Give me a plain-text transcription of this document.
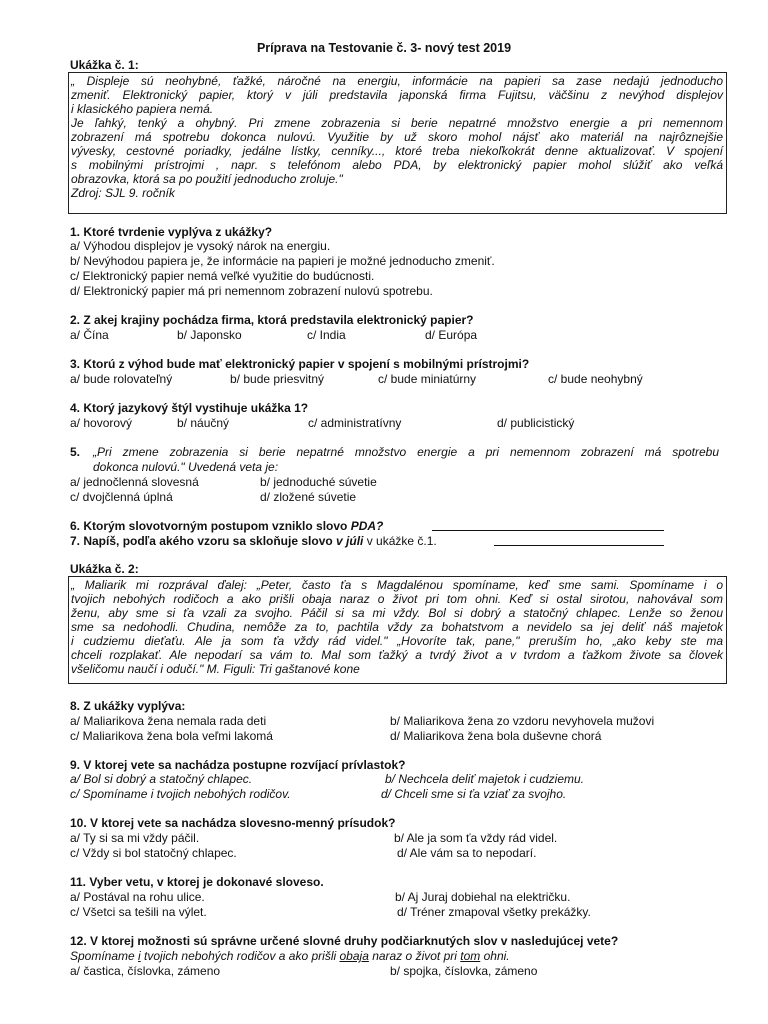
Príprava na Testovanie č. 3- nový test 2019
Ukážka č. 1:
„ Displeje sú neohybné, ťažké, náročné na energiu, informácie na papieri sa zase nedajú jednoducho
zmeniť. Elektronický papier, ktorý v júli predstavila japonská firma Fujitsu, väčšinu z nevýhod displejov
i klasického papiera nemá.
Je ľahký, tenký a ohybný. Pri zmene zobrazenia si berie nepatrné množstvo energie a pri nemennom
zobrazení má spotrebu dokonca nulovú. Využitie by už skoro mohol nájsť ako materiál na najrôznejšie
vývesky, cestovné poriadky, jedálne lístky, cenníky..., ktoré treba niekoľkokrát denne aktualizovať. V spojení
s mobilnými prístrojmi , napr. s telefónom alebo PDA, by elektronický papier mohol slúžiť ako veľká
obrazovka, ktorá sa po použití jednoducho zroluje."
Zdroj: SJL 9. ročník
1. Ktoré tvrdenie vyplýva z ukážky?
a/ Výhodou displejov je vysoký nárok na energiu.
b/ Nevýhodou papiera je, že informácie na papieri je možné jednoducho zmeniť.
c/ Elektronický papier nemá veľké využitie do budúcnosti.
d/ Elektronický papier má pri nemennom zobrazení nulovú spotrebu.
2. Z akej krajiny pochádza firma, ktorá predstavila elektronický papier?
a/ Čína	b/ Japonsko	c/ India	d/ Európa
3. Ktorú z výhod bude mať elektronický papier v spojení s mobilnými prístrojmi?
a/ bude rolovateľný	b/ bude priesvitný	c/ bude miniatúrny	c/ bude neohybný
4. Ktorý jazykový štýl vystihuje ukážka 1?
a/ hovorový	b/ náučný	c/ administratívny	d/ publicistický
5. „Pri zmene zobrazenia si berie nepatrné množstvo energie a pri nemennom zobrazení má spotrebu
dokonca nulovú." Uvedená veta je:
a/ jednočlenná slovesná	b/ jednoduché súvetie
c/ dvojčlenná úplná	d/ zložené súvetie
6. Ktorým slovotvorným postupom vzniklo slovo PDA?
7. Napíš, podľa akého vzoru sa skloňuje slovo v júli v ukážke č.1.
Ukážka č. 2:
„ Maliarik mi rozprával ďalej: „Peter, často ťa s Magdalénou spomíname, keď sme sami. Spomíname i o
tvojich nebohých rodičoch a ako prišli obaja naraz o život pri tom ohni. Keď si ostal sirotou, nahovával som
ženu, aby sme si ťa vzali za svojho. Páčil si sa mi vždy. Bol si dobrý a statočný chlapec. Lenže so ženou
sme sa nedohodli. Chudina, nemôže za to, pachtila vždy za bohatstvom a nevidelo sa jej deliť náš majetok
i cudziemu dieťaťu. Ale ja som ťa vždy rád videl." „Hovoríte tak, pane," preruším ho, „ako keby ste ma
chceli rozplakať. Ale nepodarí sa vám to. Mal som ťažký a tvrdý život a v tvrdom a ťažkom živote sa človek
všeličomu naučí i odučí." M. Figuli: Tri gaštanové kone
8. Z ukážky vyplýva:
a/ Maliarikova žena nemala rada deti	b/ Maliarikova žena zo vzdoru nevyhovela mužovi
c/ Maliarikova žena bola veľmi lakomá	d/ Maliarikova žena bola duševne chorá
9. V ktorej vete sa nachádza postupne rozvíjací prívlastok?
a/ Bol si dobrý a statočný chlapec.	b/ Nechcela deliť majetok i cudziemu.
c/ Spomíname i tvojich nebohých rodičov.	d/ Chceli sme si ťa vziať za svojho.
10. V ktorej vete sa nachádza slovesno-menný prísudok?
a/ Ty si sa mi vždy páčil.	b/ Ale ja som ťa vždy rád videl.
c/ Vždy si bol statočný chlapec.	d/ Ale vám sa to nepodarí.
11. Vyber vetu, v ktorej je dokonavé sloveso.
a/ Postával na rohu ulice.	b/ Aj Juraj dobiehal na električku.
c/ Všetci sa tešili na výlet.	d/ Tréner zmapoval všetky prekážky.
12. V ktorej možnosti sú správne určené slovné druhy podčiarknutých slov v nasledujúcej vete?
Spomíname i tvojich nebohých rodičov a ako prišli obaja naraz o život pri tom ohni.
a/ častica, číslovka, zámeno	b/ spojka, číslovka, zámeno
